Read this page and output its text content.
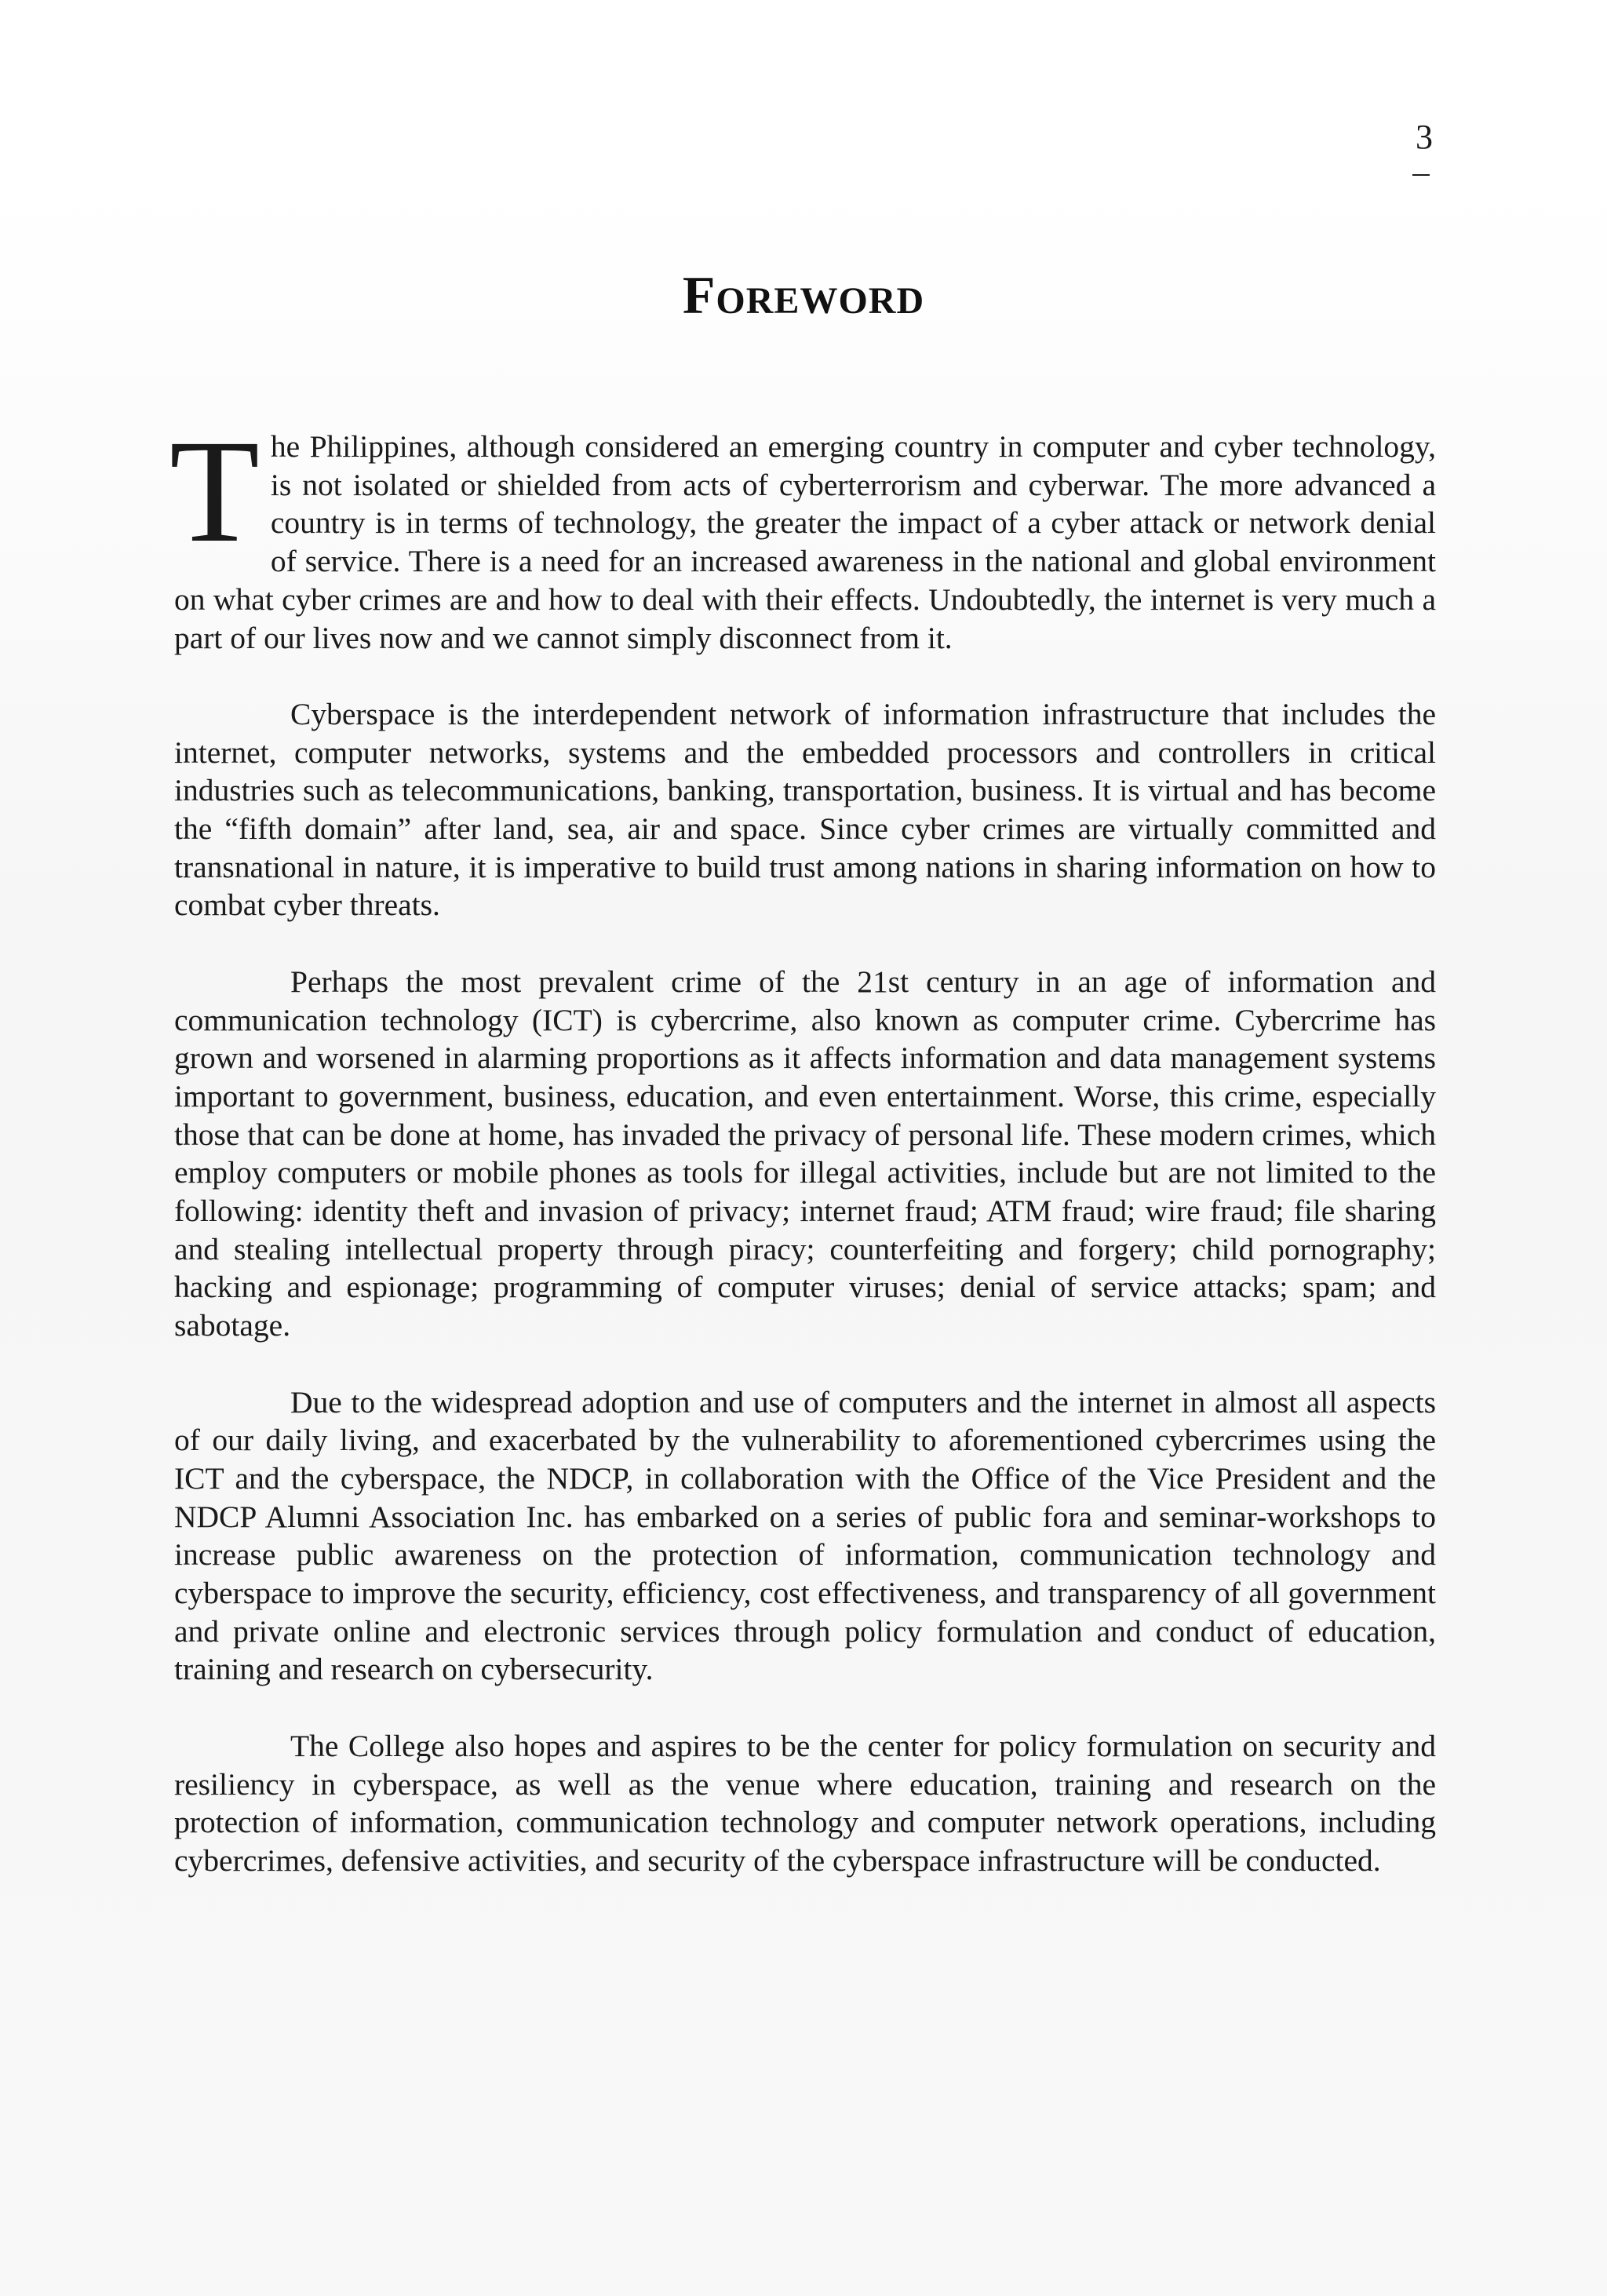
3
Foreword

The Philippines, although considered an emerging country in computer and cyber technology, is not isolated or shielded from acts of cyberterrorism and cyberwar. The more advanced a country is in terms of technology, the greater the impact of a cyber attack or network denial of service. There is a need for an increased awareness in the national and global environment on what cyber crimes are and how to deal with their effects. Undoubtedly, the internet is very much a part of our lives now and we cannot simply disconnect from it.

Cyberspace is the interdependent network of information infrastructure that includes the internet, computer networks, systems and the embedded processors and controllers in critical industries such as telecommunications, banking, transportation, business. It is virtual and has become the “fifth domain” after land, sea, air and space. Since cyber crimes are virtually committed and transnational in nature, it is imperative to build trust among nations in sharing information on how to combat cyber threats.

Perhaps the most prevalent crime of the 21st century in an age of information and communication technology (ICT) is cybercrime, also known as computer crime. Cybercrime has grown and worsened in alarming proportions as it affects information and data management systems important to government, business, education, and even entertainment. Worse, this crime, especially those that can be done at home, has invaded the privacy of personal life. These modern crimes, which employ computers or mobile phones as tools for illegal activities, include but are not limited to the following: identity theft and invasion of privacy; internet fraud; ATM fraud; wire fraud; file sharing and stealing intellectual property through piracy; counterfeiting and forgery; child pornography; hacking and espionage; programming of computer viruses; denial of service attacks; spam; and sabotage.

Due to the widespread adoption and use of computers and the internet in almost all aspects of our daily living, and exacerbated by the vulnerability to aforementioned cybercrimes using the ICT and the cyberspace, the NDCP, in collaboration with the Office of the Vice President and the NDCP Alumni Association Inc. has embarked on a series of public fora and seminar-workshops to increase public awareness on the protection of information, communication technology and cyberspace to improve the security, efficiency, cost effectiveness, and transparency of all government and private online and electronic services through policy formulation and conduct of education, training and research on cybersecurity.

The College also hopes and aspires to be the center for policy formulation on security and resiliency in cyberspace, as well as the venue where education, training and research on the protection of information, communication technology and computer network operations, including cybercrimes, defensive activities, and security of the cyberspace infrastructure will be conducted.
